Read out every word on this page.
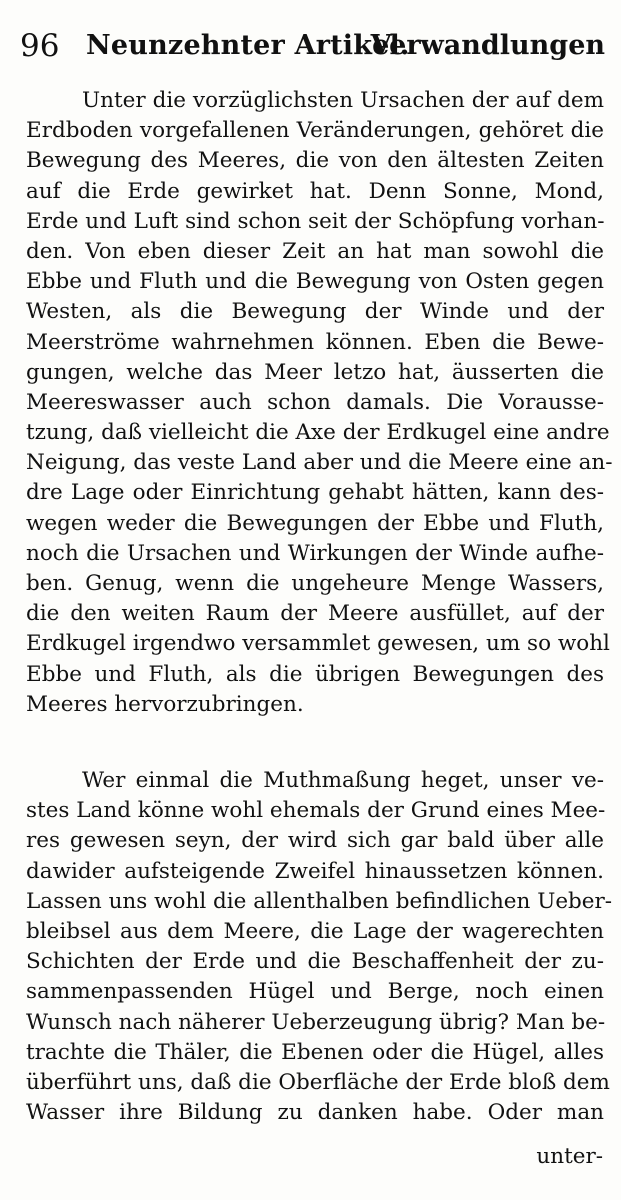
96 Neunzehnter Artikel.
Verwandlungen
Unter die vorzüglichsten Ursachen der auf dem
Erdboden vorgefallenen Veränderungen, gehöret die
Bewegung des Meeres, die von den ältesten Zeiten
auf die Erde gewirket hat. Denn Sonne, Mond,
Erde und Luft sind schon seit der Schöpfung vorhan-
den. Von eben dieser Zeit an hat man sowohl die
Ebbe und Fluth und die Bewegung von Osten gegen
Westen, als die Bewegung der Winde und der
Meerströme wahrnehmen können. Eben die Bewe-
gungen, welche das Meer letzo hat, äusserten die
Meereswasser auch schon damals. Die Vorausse-
tzung, daß vielleicht die Axe der Erdkugel eine andre
Neigung, das veste Land aber und die Meere eine an-
dre Lage oder Einrichtung gehabt hätten, kann des-
wegen weder die Bewegungen der Ebbe und Fluth,
noch die Ursachen und Wirkungen der Winde aufhe-
ben. Genug, wenn die ungeheure Menge Wassers,
die den weiten Raum der Meere ausfüllet, auf der
Erdkugel irgendwo versammlet gewesen, um so wohl
Ebbe und Fluth, als die übrigen Bewegungen des
Meeres hervorzubringen.
Wer einmal die Muthmaßung heget, unser ve-
stes Land könne wohl ehemals der Grund eines Mee-
res gewesen seyn, der wird sich gar bald über alle
dawider aufsteigende Zweifel hinaussetzen können.
Lassen uns wohl die allenthalben befindlichen Ueber-
bleibsel aus dem Meere, die Lage der wagerechten
Schichten der Erde und die Beschaffenheit der zu-
sammenpassenden Hügel und Berge, noch einen
Wunsch nach näherer Ueberzeugung übrig? Man be-
trachte die Thäler, die Ebenen oder die Hügel, alles
überführt uns, daß die Oberfläche der Erde bloß dem
Wasser ihre Bildung zu danken habe. Oder man
unter-
